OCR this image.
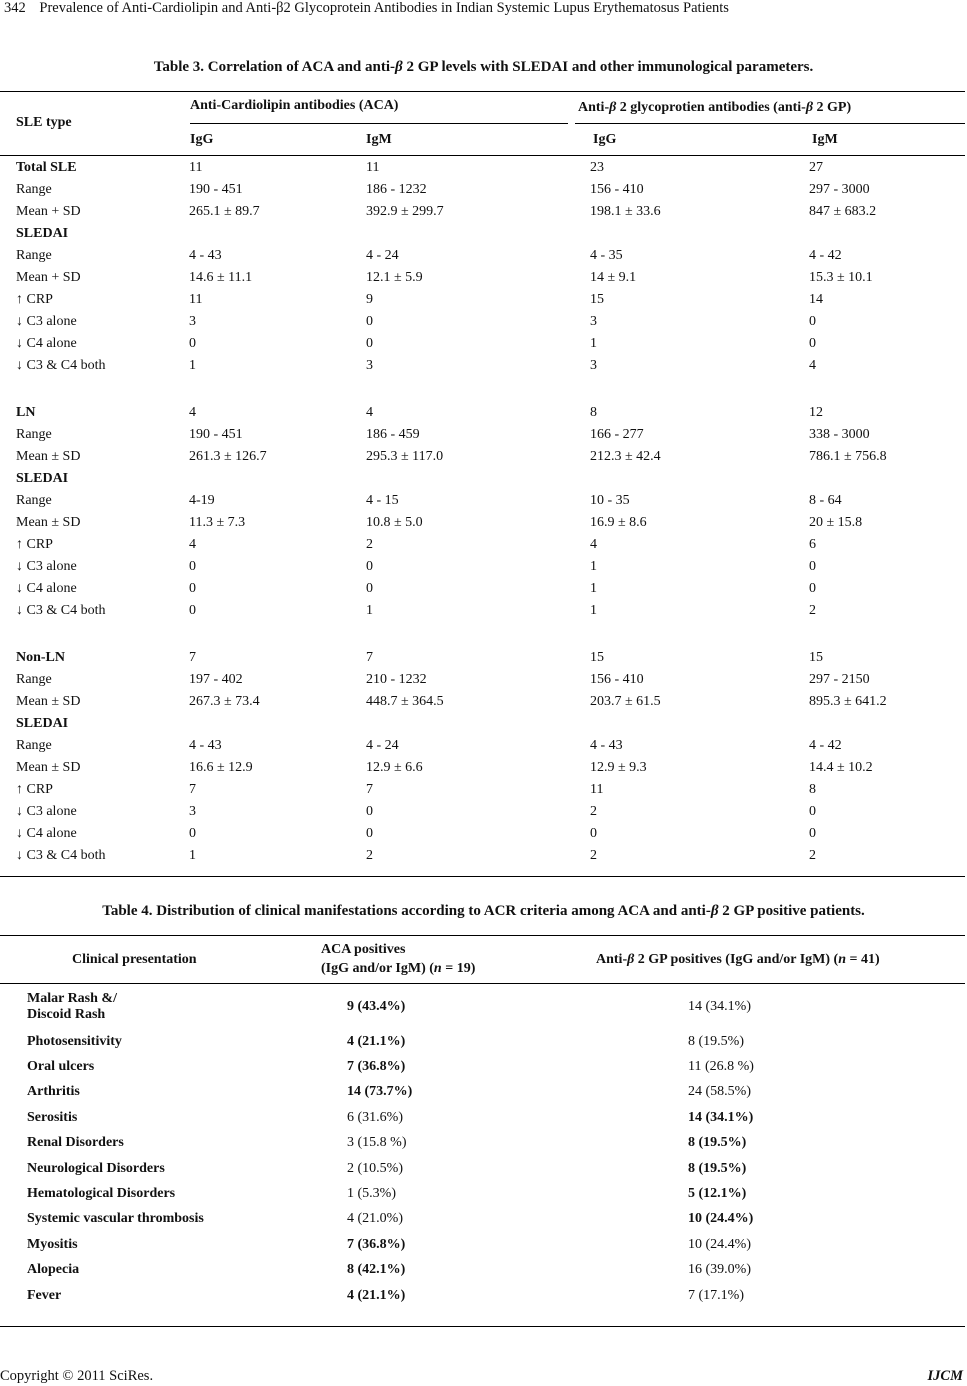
342 Prevalence of Anti-Cardiolipin and Anti-β2 Glycoprotein Antibodies in Indian Systemic Lupus Erythematosus Patients
Table 3. Correlation of ACA and anti-β 2 GP levels with SLEDAI and other immunological parameters.
SLE type
Anti-Cardiolipin antibodies (ACA)	Anti-β 2 glycoprotien antibodies (anti-β 2 GP)
IgG	IgM	IgG	IgM
Total SLE	11	11	23	27
Range	190 - 451	186 - 1232	156 - 410	297 - 3000
Mean + SD	265.1 ± 89.7	392.9 ± 299.7	198.1 ± 33.6	847 ± 683.2
SLEDAI				
Range	4 - 43	4 - 24	4 - 35	4 - 42
Mean + SD	14.6 ± 11.1	12.1 ± 5.9	14 ± 9.1	15.3 ± 10.1
↑ CRP	11	9	15	14
↓ C3 alone	3	0	3	0
↓ C4 alone	0	0	1	0
↓ C3 & C4 both	1	3	3	4

LN	4	4	8	12
Range	190 - 451	186 - 459	166 - 277	338 - 3000
Mean ± SD	261.3 ± 126.7	295.3 ± 117.0	212.3 ± 42.4	786.1 ± 756.8
SLEDAI				
Range	4-19	4 - 15	10 - 35	8 - 64
Mean ± SD	11.3 ± 7.3	10.8 ± 5.0	16.9 ± 8.6	20 ± 15.8
↑ CRP	4	2	4	6
↓ C3 alone	0	0	1	0
↓ C4 alone	0	0	1	0
↓ C3 & C4 both	0	1	1	2

Non-LN	7	7	15	15
Range	197 - 402	210 - 1232	156 - 410	297 - 2150
Mean ± SD	267.3 ± 73.4	448.7 ± 364.5	203.7 ± 61.5	895.3 ± 641.2
SLEDAI				
Range	4 - 43	4 - 24	4 - 43	4 - 42
Mean ± SD	16.6 ± 12.9	12.9 ± 6.6	12.9 ± 9.3	14.4 ± 10.2
↑ CRP	7	7	11	8
↓ C3 alone	3	0	2	0
↓ C4 alone	0	0	0	0
↓ C3 & C4 both	1	2	2	2
Table 4. Distribution of clinical manifestations according to ACR criteria among ACA and anti-β 2 GP positive patients.
Clinical presentation
ACA positives
(IgG and/or IgM) (n = 19)
Anti-β 2 GP positives (IgG and/or IgM) (n = 41)
Malar Rash &/
Discoid Rash	9 (43.4%)	14 (34.1%)
Photosensitivity	4 (21.1%)	8 (19.5%)
Oral ulcers	7 (36.8%)	11 (26.8 %)
Arthritis	14 (73.7%)	24 (58.5%)
Serositis	6 (31.6%)	14 (34.1%)
Renal Disorders	3 (15.8 %)	8 (19.5%)
Neurological Disorders	2 (10.5%)	8 (19.5%)
Hematological Disorders	1 (5.3%)	5 (12.1%)
Systemic vascular thrombosis	4 (21.0%)	10 (24.4%)
Myositis	7 (36.8%)	10 (24.4%)
Alopecia	8 (42.1%)	16 (39.0%)
Fever	4 (21.1%)	7 (17.1%)
Copyright © 2011 SciRes.	IJCM
